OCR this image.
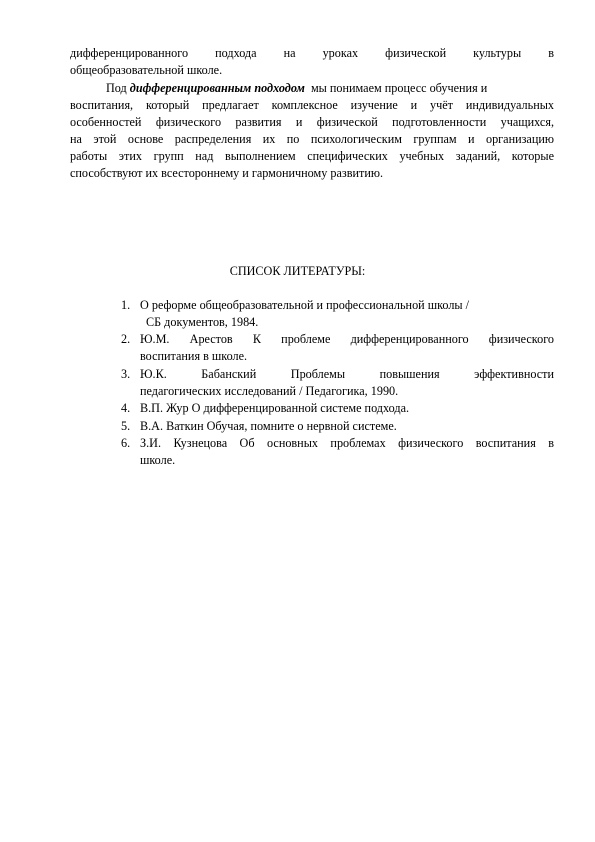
дифференцированного подхода на уроках физической культуры в
общеобразовательной школе.
Под дифференцированным подходом мы понимаем процесс обучения и
воспитания, который предлагает комплексное изучение и учёт индивидуальных
особенностей физического развития и физической подготовленности учащихся,
на этой основе распределения их по психологическим группам и организацию
работы этих групп над выполнением специфических учебных заданий, которые
способствуют их всестороннему и гармоничному развитию.
СПИСОК ЛИТЕРАТУРЫ:
1. О реформе общеобразовательной и профессиональной школы /
СБ документов, 1984.
2. Ю.М. Арестов К проблеме дифференцированного физического
воспитания в школе.
3. Ю.К. Бабанский Проблемы повышения эффективности
педагогических исследований / Педагогика, 1990.
4. В.П. Жур О дифференцированной системе подхода.
5. В.А. Ваткин Обучая, помните о нервной системе.
6. З.И. Кузнецова Об основных проблемах физического воспитания в
школе.
